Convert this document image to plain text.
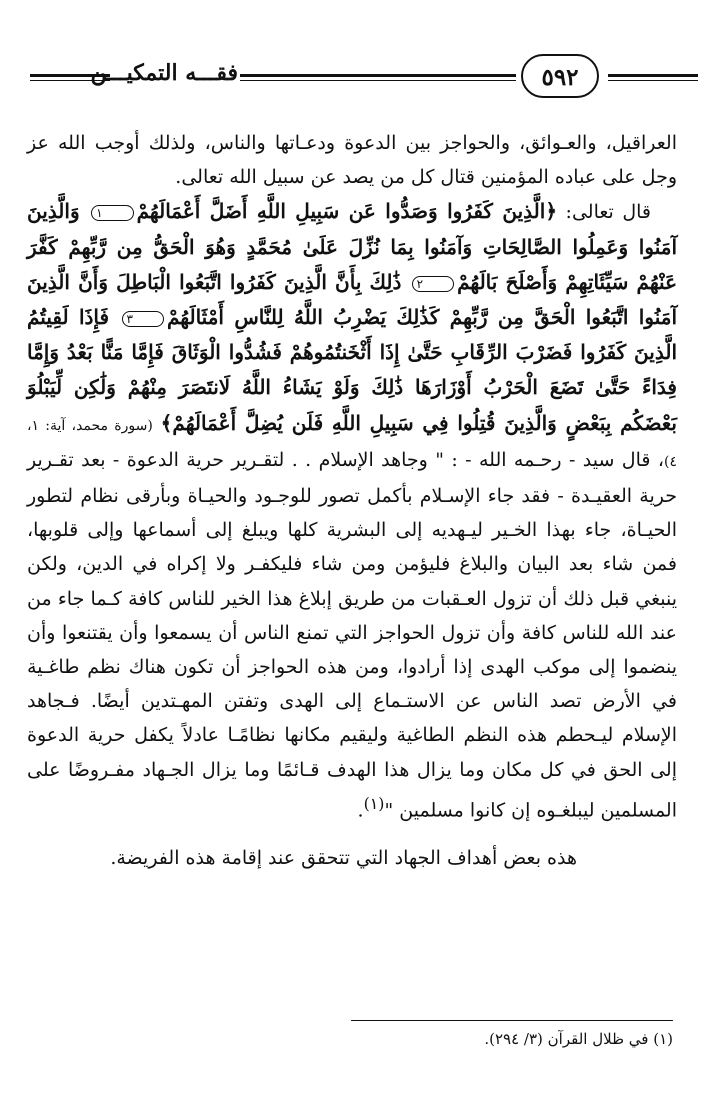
فقـــه التمكيـــن	٥٩٢

العراقيل، والعـوائق، والحواجز بين الدعوة ودعـاتها والناس، ولذلك أوجب الله عز وجل على عباده المؤمنين قتال كل من يصد عن سبيل الله تعالى.

قال تعالى: ﴿الَّذِينَ كَفَرُوا وَصَدُّوا عَن سَبِيلِ اللَّهِ أَضَلَّ أَعْمَالَهُمْ١ وَالَّذِينَ آمَنُوا وَعَمِلُوا الصَّالِحَاتِ وَآمَنُوا بِمَا نُزِّلَ عَلَىٰ مُحَمَّدٍ وَهُوَ الْحَقُّ مِن رَّبِّهِمْ كَفَّرَ عَنْهُمْ سَيِّئَاتِهِمْ وَأَصْلَحَ بَالَهُمْ٢ ذَٰلِكَ بِأَنَّ الَّذِينَ كَفَرُوا اتَّبَعُوا الْبَاطِلَ وَأَنَّ الَّذِينَ آمَنُوا اتَّبَعُوا الْحَقَّ مِن رَّبِّهِمْ كَذَٰلِكَ يَضْرِبُ اللَّهُ لِلنَّاسِ أَمْثَالَهُمْ٣ فَإِذَا لَقِيتُمُ الَّذِينَ كَفَرُوا فَضَرْبَ الرِّقَابِ حَتَّىٰ إِذَا أَثْخَنتُمُوهُمْ فَشُدُّوا الْوَثَاقَ فَإِمَّا مَنًّا بَعْدُ وَإِمَّا فِدَاءً حَتَّىٰ تَضَعَ الْحَرْبُ أَوْزَارَهَا ذَٰلِكَ وَلَوْ يَشَاءُ اللَّهُ لَانتَصَرَ مِنْهُمْ وَلَٰكِن لِّيَبْلُوَ بَعْضَكُم بِبَعْضٍ وَالَّذِينَ قُتِلُوا فِي سَبِيلِ اللَّهِ فَلَن يُضِلَّ أَعْمَالَهُمْ﴾ (سورة محمد، آية: ١، ٤)، قال سيد - رحـمه الله - : " وجاهد الإسلام . . لتقـرير حرية الدعوة - بعد تقـرير حرية العقيـدة - فقد جاء الإسـلام بأكمل تصور للوجـود والحيـاة وبأرقى نظام لتطور الحيـاة، جاء بهذا الخـير ليـهديه إلى البشرية كلها ويبلغ إلى أسماعها وإلى قلوبها، فمن شاء بعد البيان والبلاغ فليؤمن ومن شاء فليكفـر ولا إكراه في الدين، ولكن ينبغي قبل ذلك أن تزول العـقبات من طريق إبلاغ هذا الخير للناس كافة كـما جاء من عند الله للناس كافة وأن تزول الحواجز التي تمنع الناس أن يسمعوا وأن يقتنعوا وأن ينضموا إلى موكب الهدى إذا أرادوا، ومن هذه الحواجز أن تكون هناك نظم طاغـية في الأرض تصد الناس عن الاستـماع إلى الهدى وتفتن المهـتدين أيضًا. فـجاهد الإسلام ليـحطم هذه النظم الطاغية وليقيم مكانها نظامًـا عادلاً يكفل حرية الدعوة إلى الحق في كل مكان وما يزال هذا الهدف قـائمًا وما يزال الجـهاد مفـروضًا على المسلمين ليبلغـوه إن كانوا مسلمين "$^{(١)}$.

هذه بعض أهداف الجهاد التي تتحقق عند إقامة هذه الفريضة.

(١) في ظلال القرآن (٣/ ٢٩٤).
